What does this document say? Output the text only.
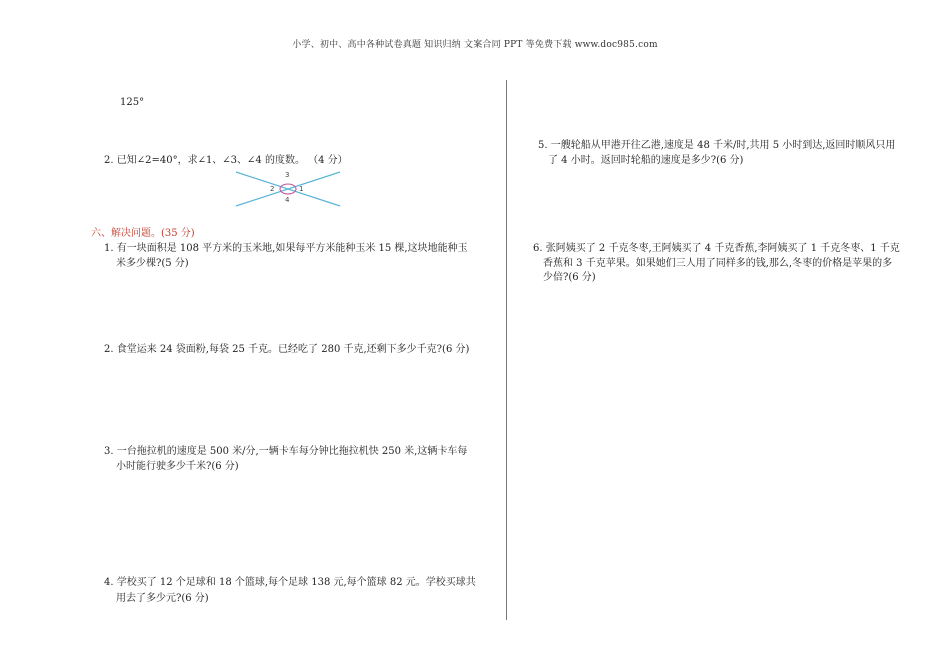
小学、初中、高中各种试卷真题 知识归纳 文案合同 PPT 等免费下载 www.doc985.com
125°
2. 已知∠2=40°，求∠1、∠3、∠4 的度数。 （4 分）
3
2	1
4
六、解决问题。(35 分)
1. 有一块面积是 108 平方米的玉米地,如果每平方米能种玉米 15 棵,这块地能种玉
米多少棵?(5 分)
2. 食堂运来 24 袋面粉,每袋 25 千克。已经吃了 280 千克,还剩下多少千克?(6 分)
3. 一台拖拉机的速度是 500 米/分,一辆卡车每分钟比拖拉机快 250 米,这辆卡车每
小时能行驶多少千米?(6 分)
4. 学校买了 12 个足球和 18 个篮球,每个足球 138 元,每个篮球 82 元。学校买球共
用去了多少元?(6 分)
5. 一艘轮船从甲港开往乙港,速度是 48 千米/时,共用 5 小时到达,返回时顺风只用
了 4 小时。返回时轮船的速度是多少?(6 分)
6. 张阿姨买了 2 千克冬枣,王阿姨买了 4 千克香蕉,李阿姨买了 1 千克冬枣、1 千克
香蕉和 3 千克苹果。如果她们三人用了同样多的钱,那么,冬枣的价格是苹果的多
少倍?(6 分)
